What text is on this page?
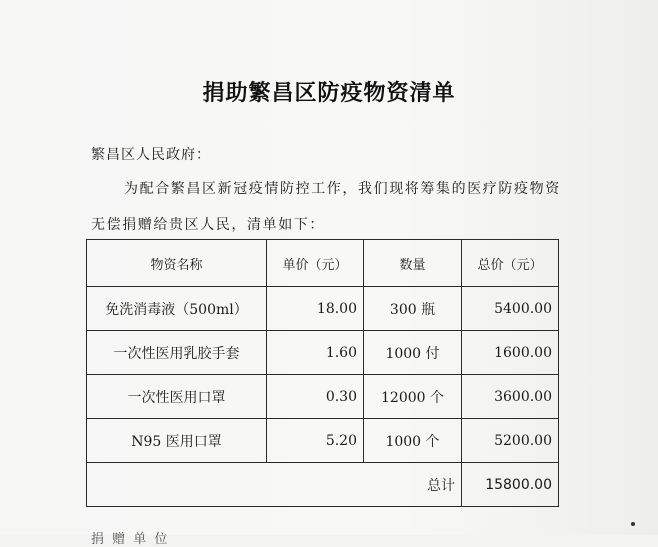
捐助繁昌区防疫物资清单
繁昌区人民政府：
为配合繁昌区新冠疫情防控工作，我们现将筹集的医疗防疫物资
无偿捐赠给贵区人民，清单如下：
物资名称	单价（元）	数量	总价（元）
免洗消毒液（500ml）	18.00	300 瓶	5400.00
一次性医用乳胶手套	1.60	1000 付	1600.00
一次性医用口罩	0.30	12000 个	3600.00
N95 医用口罩	5.20	1000 个	5200.00
总计			15800.00
捐 赠 单 位
